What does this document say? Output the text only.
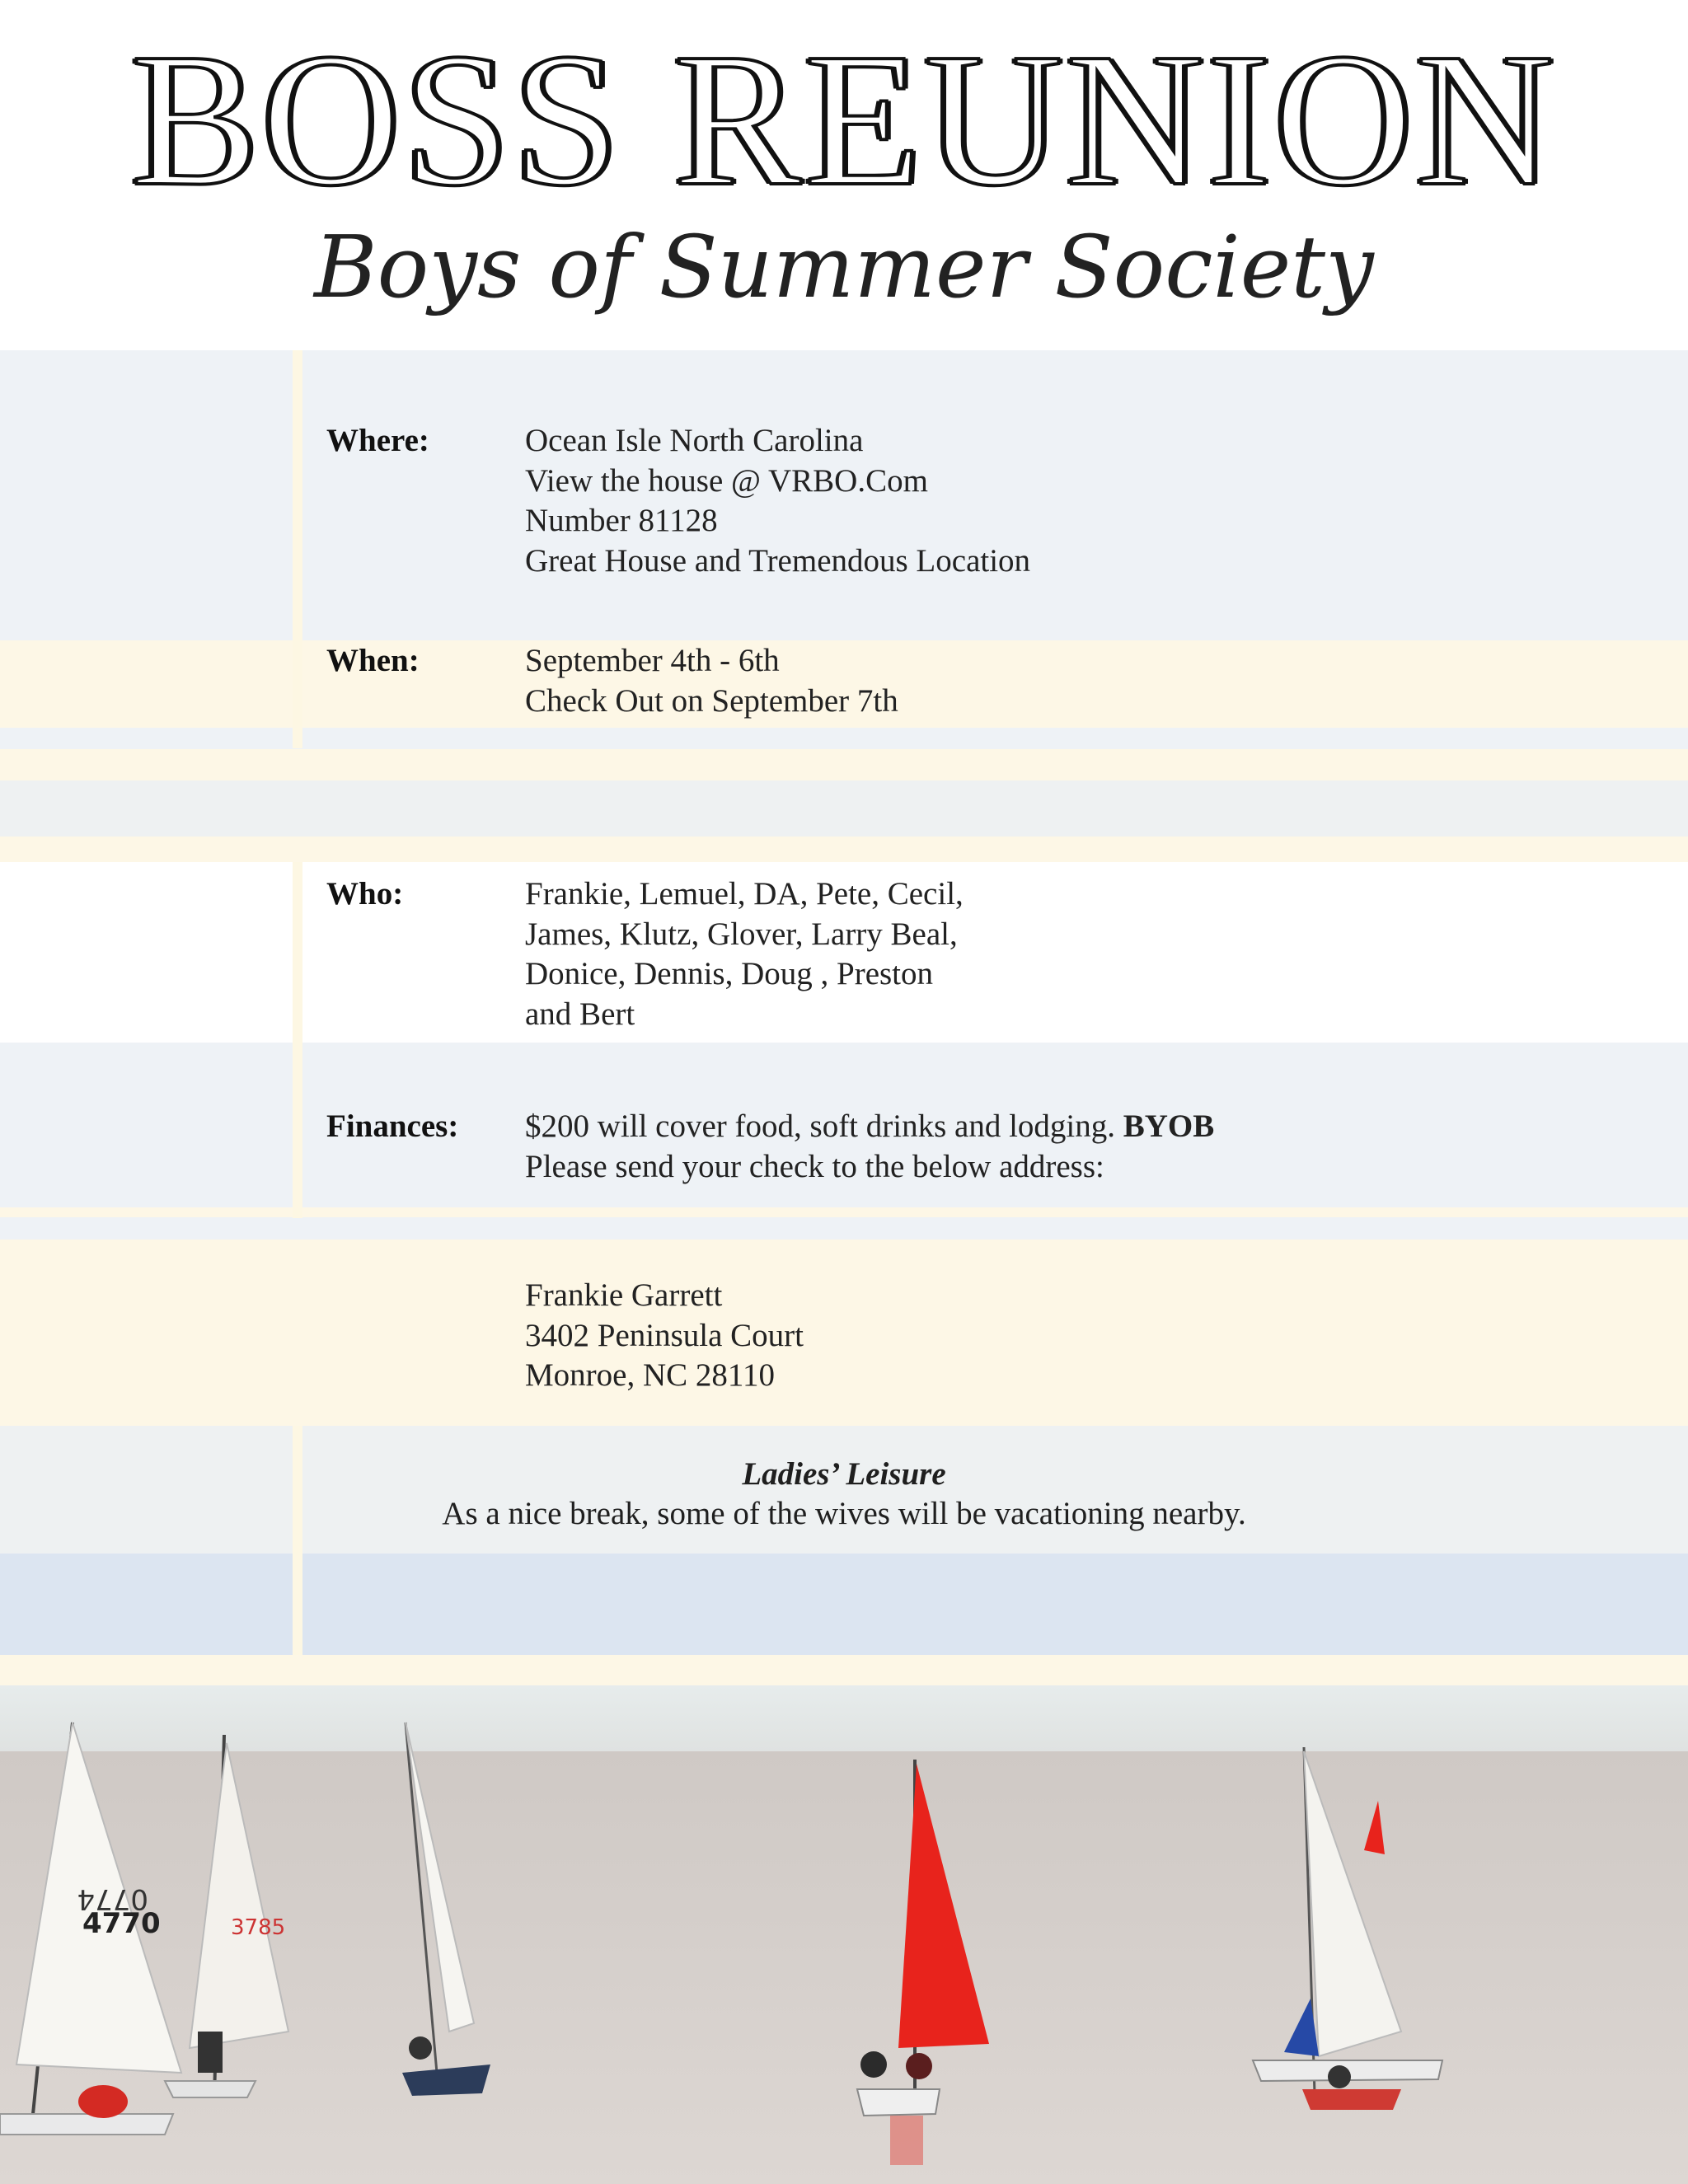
BOSS REUNION
Boys of Summer Society
Where:	Ocean Isle North Carolina
View the house @ VRBO.Com
Number 81128
Great House and Tremendous Location
When:	September 4th - 6th
Check Out on September 7th
Who:	Frankie, Lemuel, DA, Pete, Cecil,
James, Klutz, Glover, Larry Beal,
Donice, Dennis, Doug , Preston
and Bert
Finances: $200 will cover food, soft drinks and lodging. BYOB
Please send your check to the below address:
Frankie Garrett
3402 Peninsula Court
Monroe, NC 28110
Ladies’ Leisure
As a nice break, some of the wives will be vacationing nearby.
0774
4770	3785
